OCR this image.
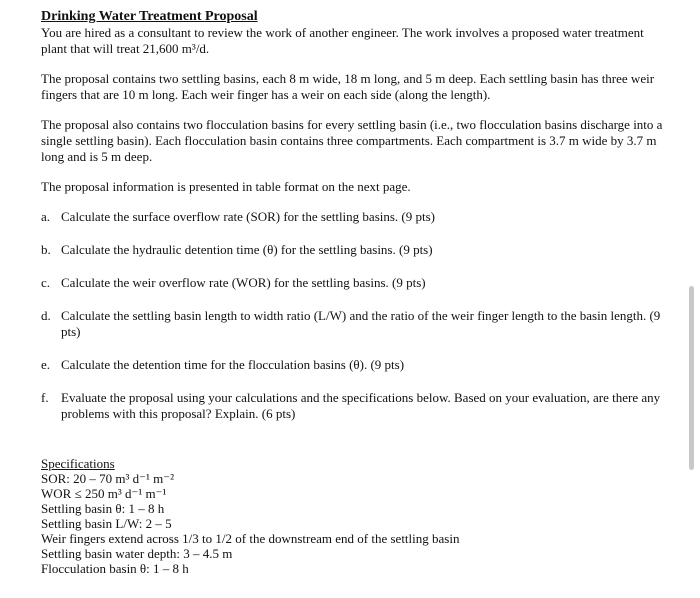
Drinking Water Treatment Proposal

You are hired as a consultant to review the work of another engineer. The work involves a proposed water treatment plant that will treat 21,600 m³/d.

The proposal contains two settling basins, each 8 m wide, 18 m long, and 5 m deep. Each settling basin has three weir fingers that are 10 m long. Each weir finger has a weir on each side (along the length).

The proposal also contains two flocculation basins for every settling basin (i.e., two flocculation basins discharge into a single settling basin). Each flocculation basin contains three compartments. Each compartment is 3.7 m wide by 3.7 m long and is 5 m deep.

The proposal information is presented in table format on the next page.

a. Calculate the surface overflow rate (SOR) for the settling basins. (9 pts)
b. Calculate the hydraulic detention time (θ) for the settling basins. (9 pts)
c. Calculate the weir overflow rate (WOR) for the settling basins. (9 pts)
d. Calculate the settling basin length to width ratio (L/W) and the ratio of the weir finger length to the basin length. (9 pts)
e. Calculate the detention time for the flocculation basins (θ). (9 pts)
f. Evaluate the proposal using your calculations and the specifications below. Based on your evaluation, are there any problems with this proposal? Explain. (6 pts)

Specifications

SOR: 20 – 70 m³ d⁻¹ m⁻²

WOR ≤ 250 m³ d⁻¹ m⁻¹

Settling basin θ: 1 – 8 h

Settling basin L/W: 2 – 5

Weir fingers extend across 1/3 to 1/2 of the downstream end of the settling basin

Settling basin water depth: 3 – 4.5 m

Flocculation basin θ: 1 – 8 h
